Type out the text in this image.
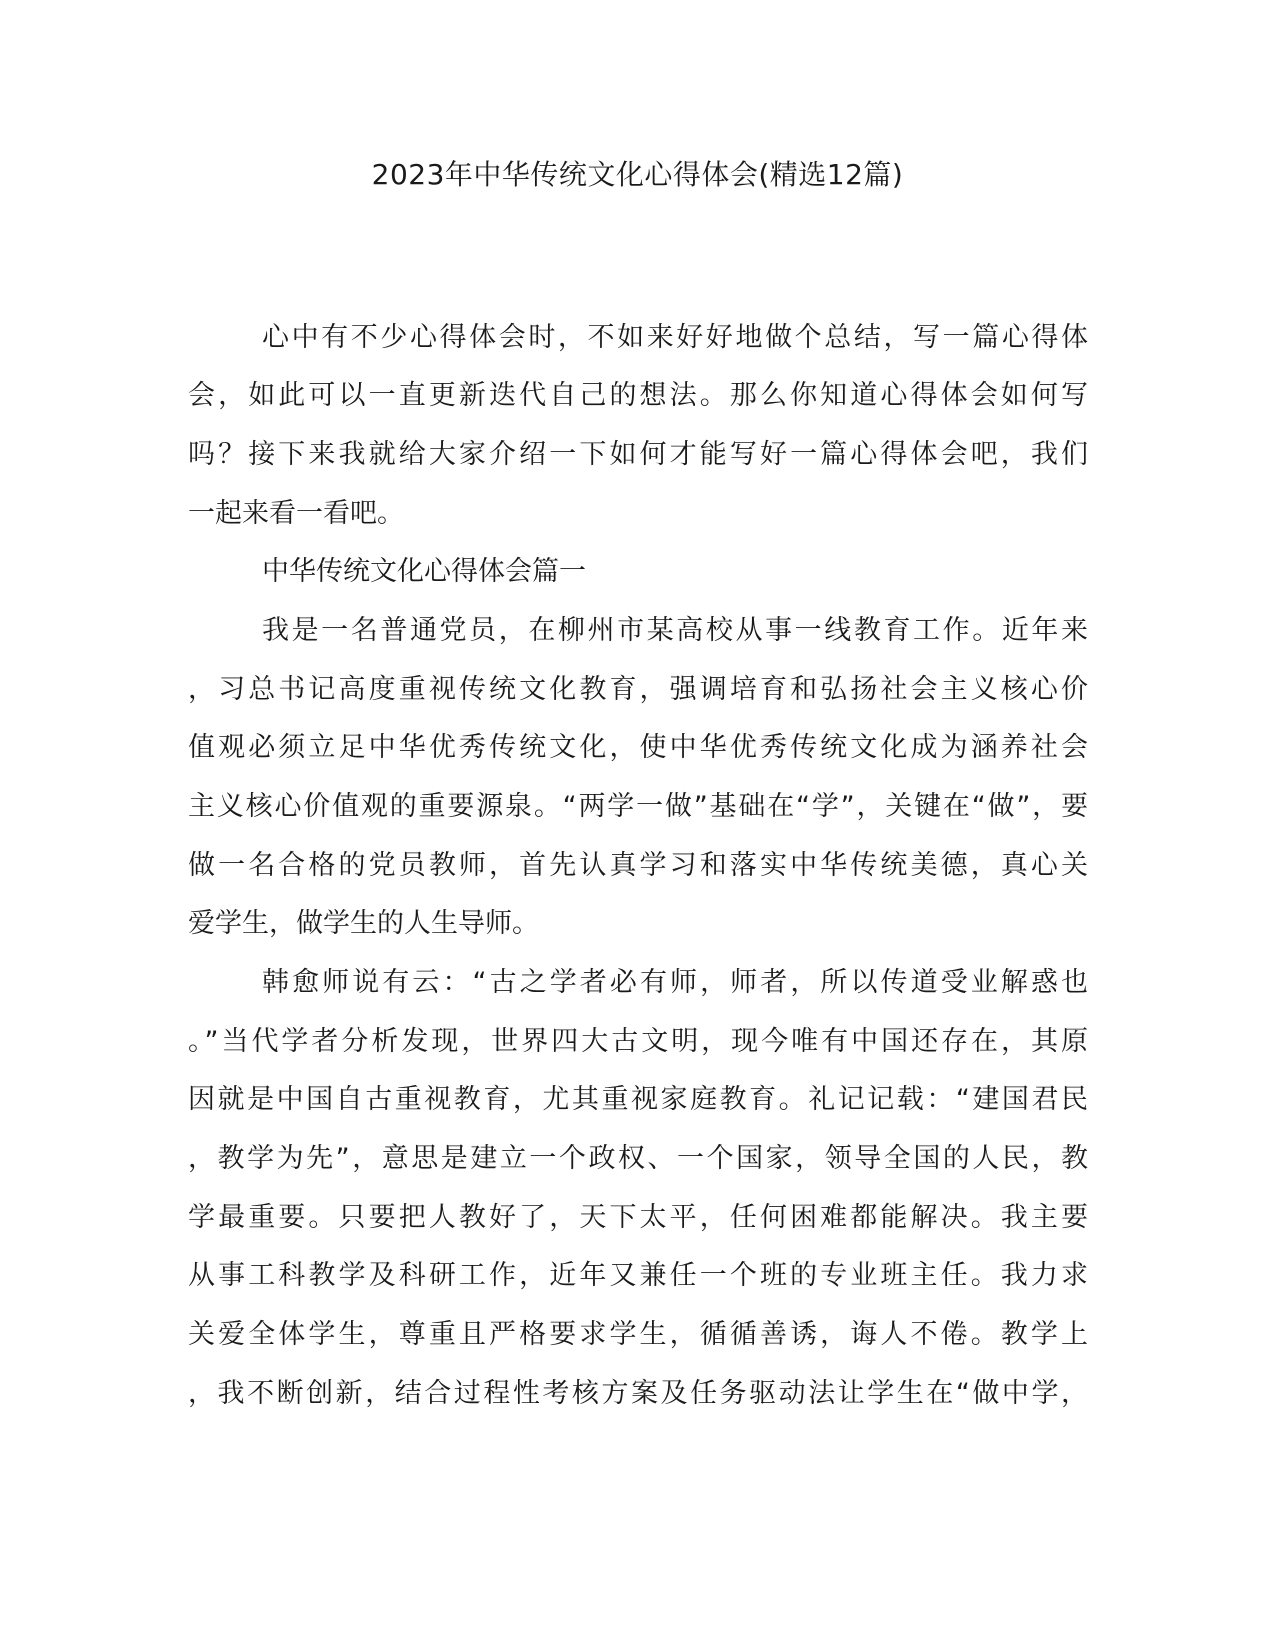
2023年中华传统文化心得体会(精选12篇)

心中有不少心得体会时，不如来好好地做个总结，写一篇心得体

会，如此可以一直更新迭代自己的想法。那么你知道心得体会如何写

吗？接下来我就给大家介绍一下如何才能写好一篇心得体会吧，我们

一起来看一看吧。

中华传统文化心得体会篇一

我是一名普通党员，在柳州市某高校从事一线教育工作。近年来

，习总书记高度重视传统文化教育，强调培育和弘扬社会主义核心价

值观必须立足中华优秀传统文化，使中华优秀传统文化成为涵养社会

主义核心价值观的重要源泉。“两学一做”基础在“学”，关键在“做”，要

做一名合格的党员教师，首先认真学习和落实中华传统美德，真心关

爱学生，做学生的人生导师。

韩愈师说有云：“古之学者必有师，师者，所以传道受业解惑也

。”当代学者分析发现，世界四大古文明，现今唯有中国还存在，其原

因就是中国自古重视教育，尤其重视家庭教育。礼记记载：“建国君民

，教学为先”，意思是建立一个政权、一个国家，领导全国的人民，教

学最重要。只要把人教好了，天下太平，任何困难都能解决。我主要

从事工科教学及科研工作，近年又兼任一个班的专业班主任。我力求

关爱全体学生，尊重且严格要求学生，循循善诱，诲人不倦。教学上

，我不断创新，结合过程性考核方案及任务驱动法让学生在“做中学，
